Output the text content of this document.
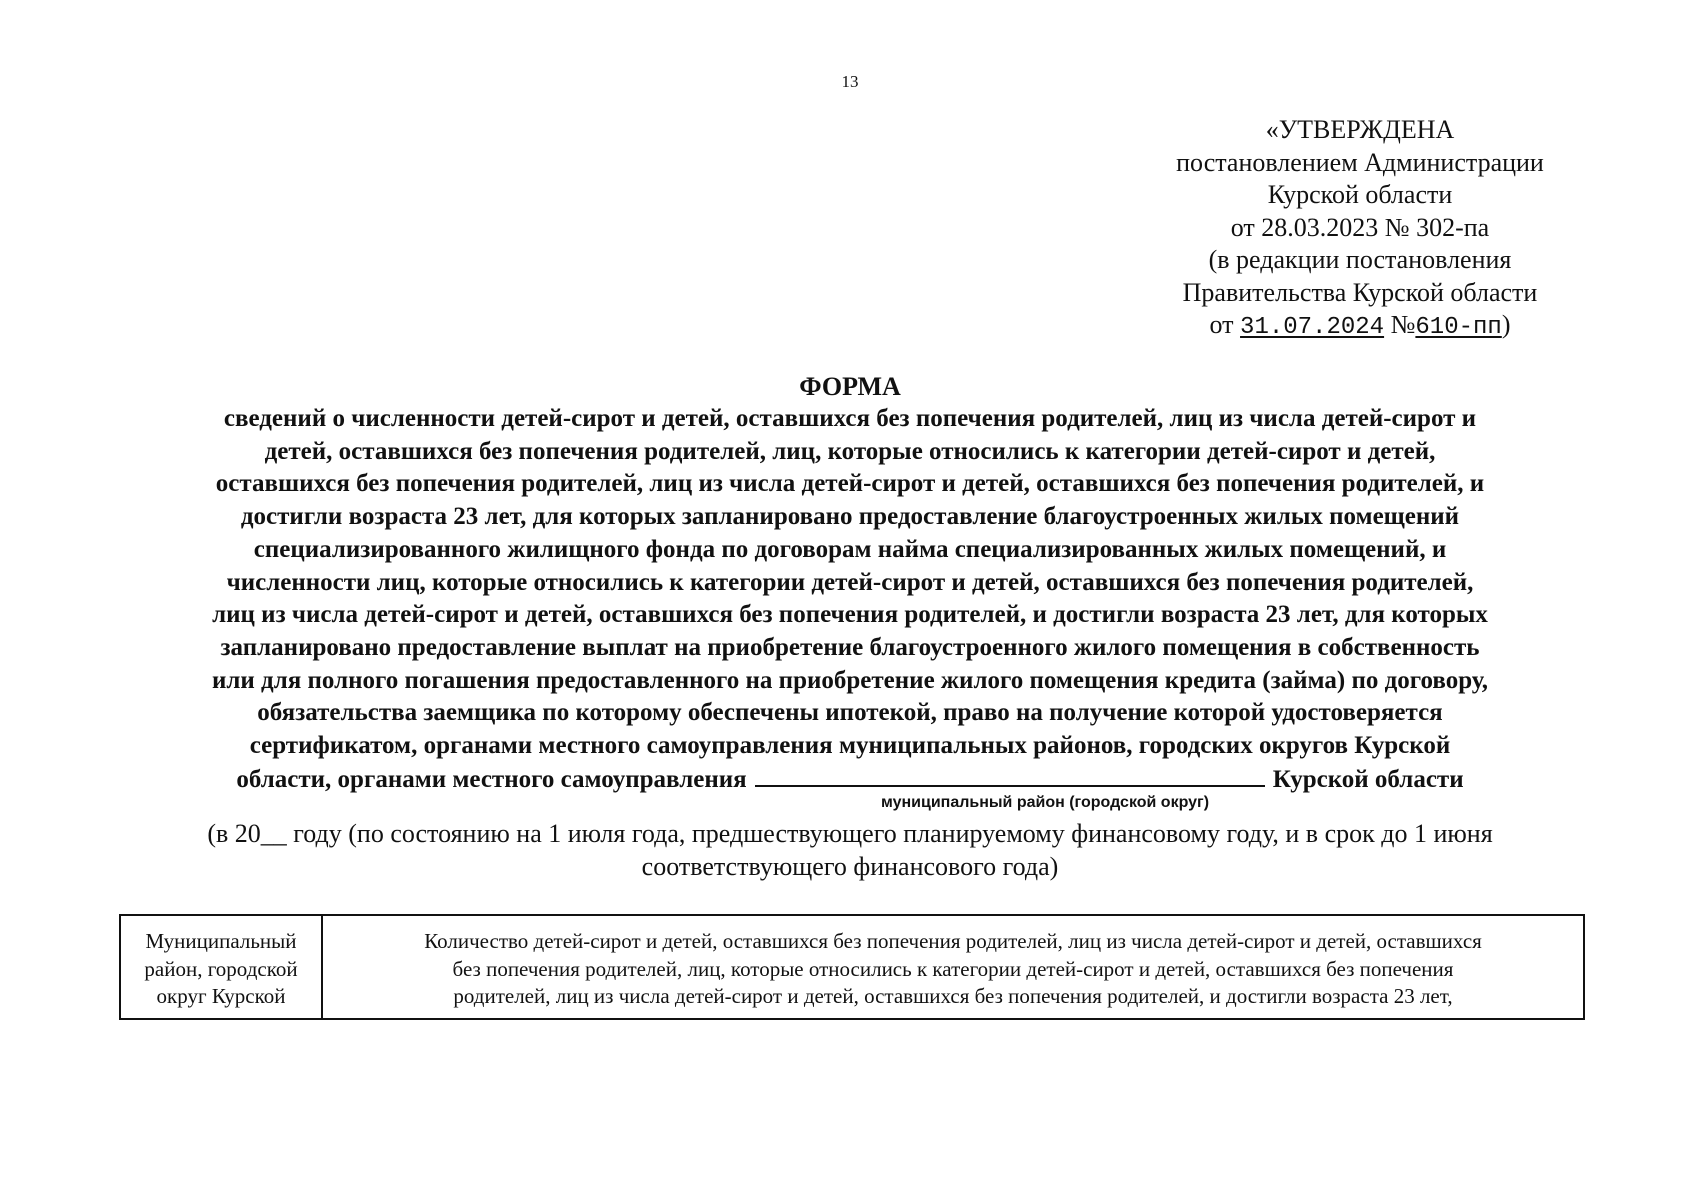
13
«УТВЕРЖДЕНА
постановлением Администрации
Курской области
от 28.03.2023 № 302-па
(в редакции постановления
Правительства Курской области
от 31.07.2024 №610-пп)
ФОРМА
сведений о численности детей-сирот и детей, оставшихся без попечения родителей, лиц из числа детей-сирот и
детей, оставшихся без попечения родителей, лиц, которые относились к категории детей-сирот и детей,
оставшихся без попечения родителей, лиц из числа детей-сирот и детей, оставшихся без попечения родителей, и
достигли возраста 23 лет, для которых запланировано предоставление благоустроенных жилых помещений
специализированного жилищного фонда по договорам найма специализированных жилых помещений, и
численности лиц, которые относились к категории детей-сирот и детей, оставшихся без попечения родителей,
лиц из числа детей-сирот и детей, оставшихся без попечения родителей, и достигли возраста 23 лет, для которых
запланировано предоставление выплат на приобретение благоустроенного жилого помещения в собственность
или для полного погашения предоставленного на приобретение жилого помещения кредита (займа) по договору,
обязательства заемщика по которому обеспечены ипотекой, право на получение которой удостоверяется
сертификатом, органами местного самоуправления муниципальных районов, городских округов Курской
области, органами местного самоуправления	Курской области
муниципальный район (городской округ)
(в 20__ году (по состоянию на 1 июля года, предшествующего планируемому финансовому году, и в срок до 1 июня
соответствующего финансового года)
Муниципальный
район, городской
округ Курской
Количество детей-сирот и детей, оставшихся без попечения родителей, лиц из числа детей-сирот и детей, оставшихся
без попечения родителей, лиц, которые относились к категории детей-сирот и детей, оставшихся без попечения
родителей, лиц из числа детей-сирот и детей, оставшихся без попечения родителей, и достигли возраста 23 лет,
